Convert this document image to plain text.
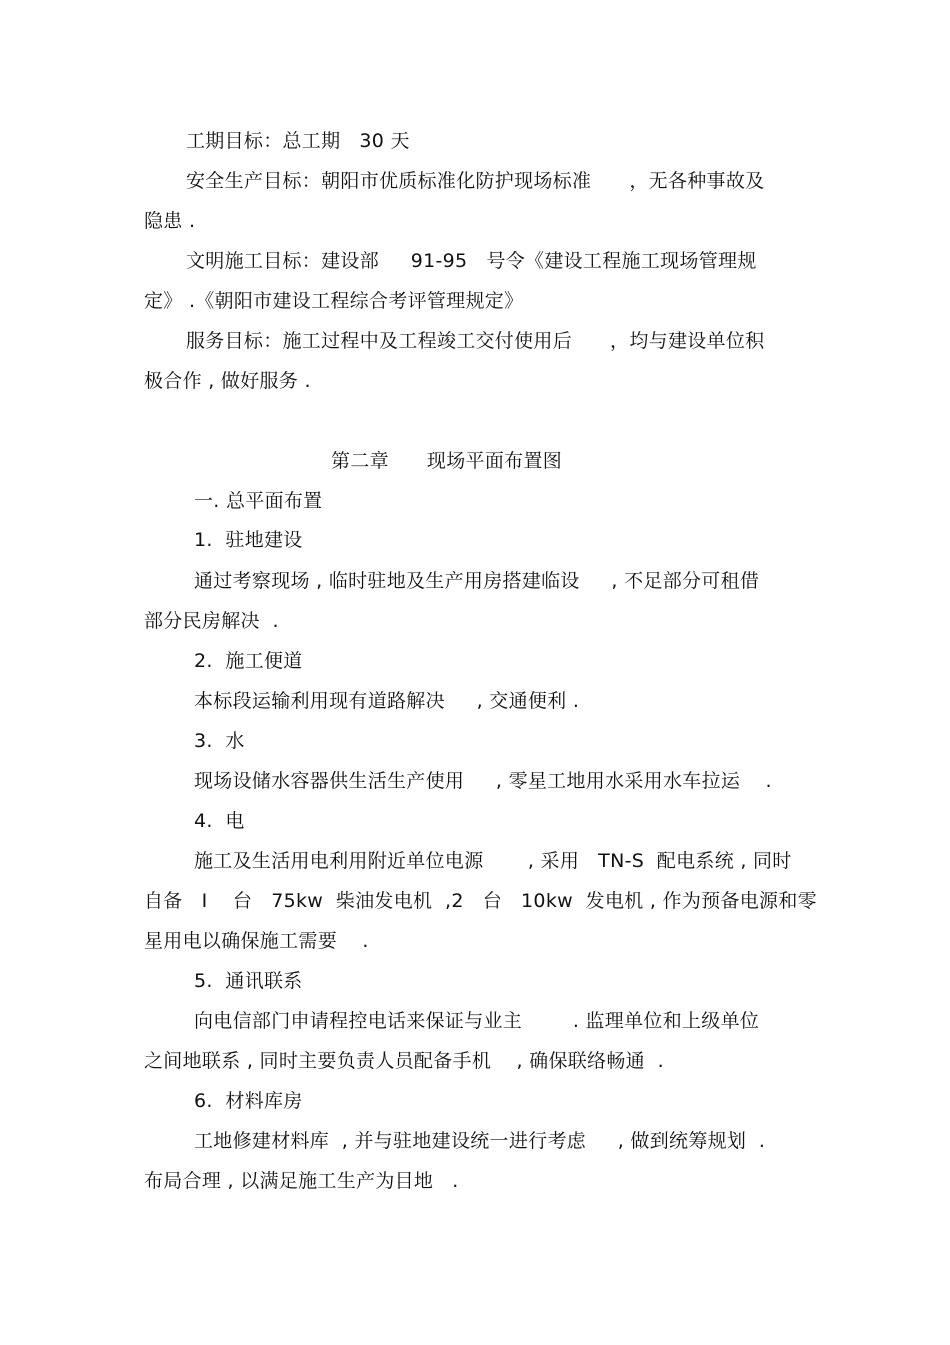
工期目标：总工期   30 天
安全生产目标：朝阳市优质标准化防护现场标准      ，无各种事故及
隐患 .
文明施工目标：建设部     91-95   号令《建设工程施工现场管理规
定》 .《朝阳市建设工程综合考评管理规定》
服务目标：施工过程中及工程竣工交付使用后      ，均与建设单位积
极合作 , 做好服务 .
第二章      现场平面布置图
一. 总平面布置
1.  驻地建设
通过考察现场 , 临时驻地及生产用房搭建临设     , 不足部分可租借
部分民房解决  .
2.  施工便道
本标段运输利用现有道路解决     , 交通便利 .
3.  水
现场设储水容器供生活生产使用     , 零星工地用水采用水车拉运    .
4.  电
施工及生活用电利用附近单位电源       , 采用   TN-S  配电系统 , 同时
自备   I    台   75kw  柴油发电机  ,2   台   10kw  发电机 , 作为预备电源和零
星用电以确保施工需要    .
5.  通讯联系
向电信部门申请程控电话来保证与业主        . 监理单位和上级单位
之间地联系 , 同时主要负责人员配备手机    , 确保联络畅通  .
6.  材料库房
工地修建材料库  , 并与驻地建设统一进行考虑     , 做到统筹规划  .
布局合理 , 以满足施工生产为目地   .
